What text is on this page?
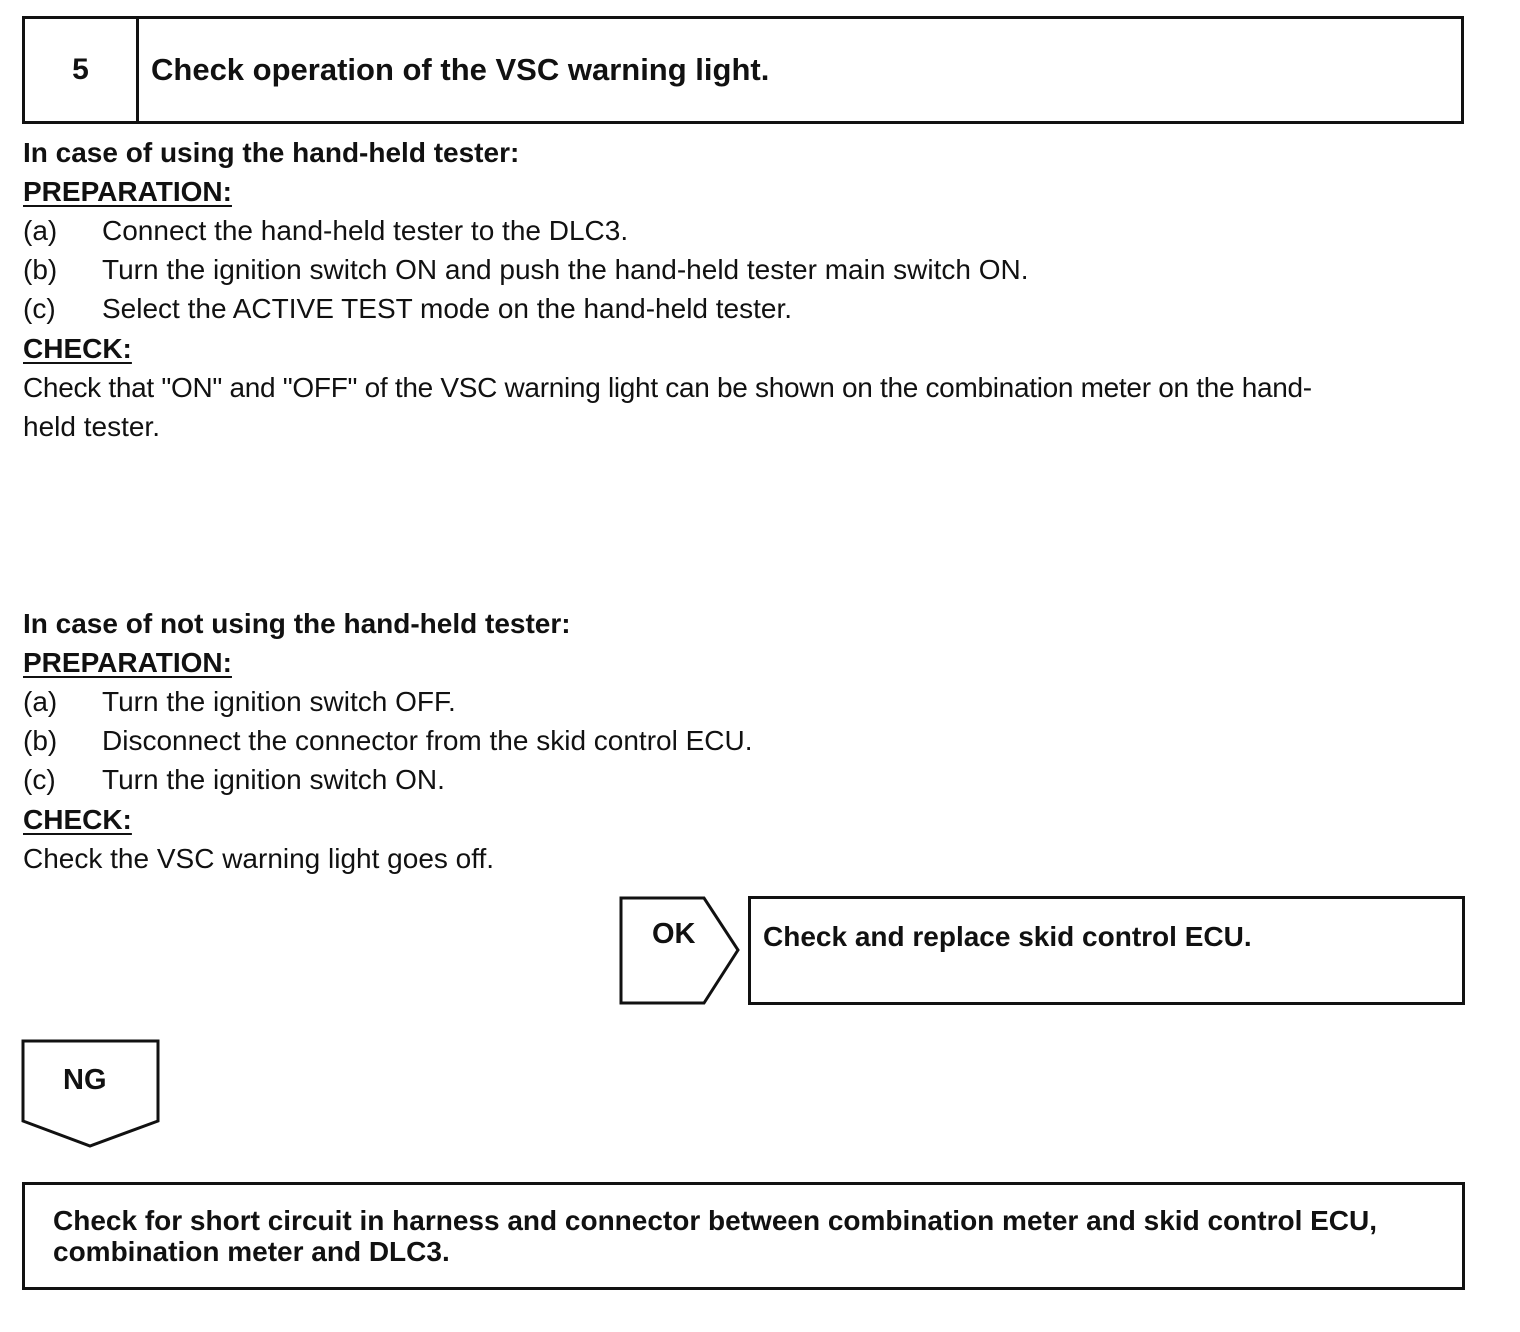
5	Check operation of the VSC warning light.
In case of using the hand-held tester:
PREPARATION:
(a) Connect the hand-held tester to the DLC3.
(b) Turn the ignition switch ON and push the hand-held tester main switch ON.
(c) Select the ACTIVE TEST mode on the hand-held tester.
CHECK:
Check that "ON" and "OFF" of the VSC warning light can be shown on the combination meter on the hand-
held tester.
In case of not using the hand-held tester:
PREPARATION:
(a) Turn the ignition switch OFF.
(b) Disconnect the connector from the skid control ECU.
(c) Turn the ignition switch ON.
CHECK:
Check the VSC warning light goes off.
OK Check and replace skid control ECU.
NG
Check for short circuit in harness and connector between combination meter and skid control ECU, combination meter and DLC3.
